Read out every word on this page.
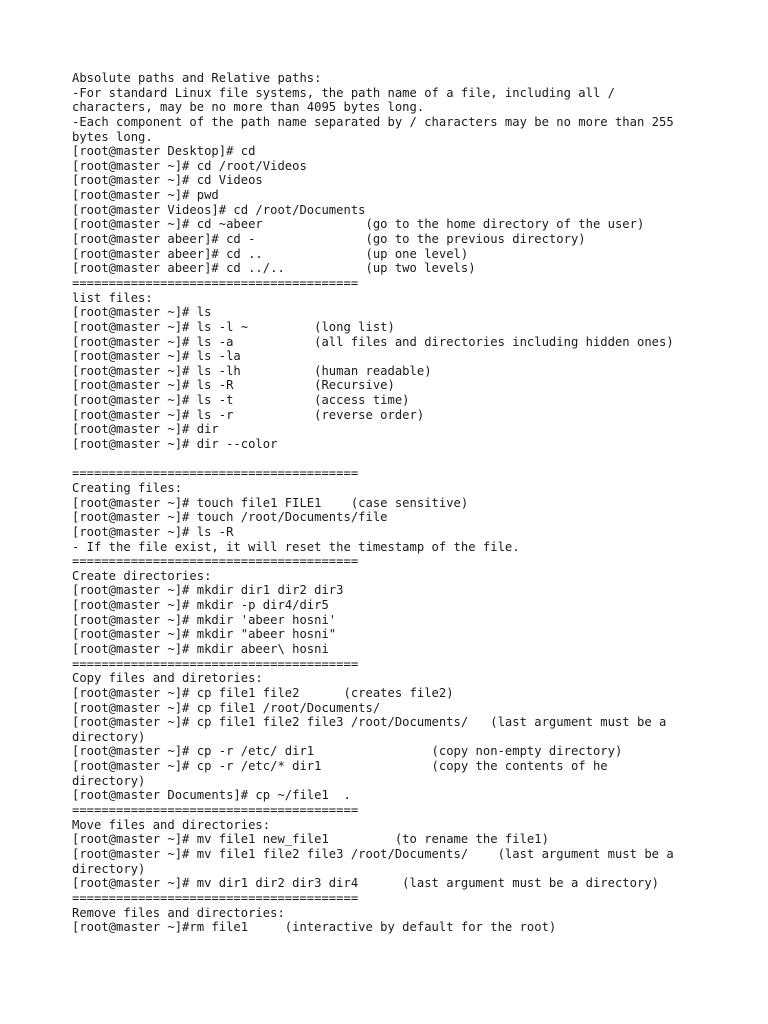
Absolute paths and Relative paths:
-For standard Linux file systems, the path name of a file, including all /
characters, may be no more than 4095 bytes long.
-Each component of the path name separated by / characters may be no more than 255
bytes long.
[root@master Desktop]# cd
[root@master ~]# cd /root/Videos
[root@master ~]# cd Videos
[root@master ~]# pwd
[root@master Videos]# cd /root/Documents
[root@master ~]# cd ~abeer              (go to the home directory of the user)
[root@master abeer]# cd -               (go to the previous directory)
[root@master abeer]# cd ..              (up one level)
[root@master abeer]# cd ../..           (up two levels)
=======================================
list files:
[root@master ~]# ls
[root@master ~]# ls -l ~         (long list)
[root@master ~]# ls -a           (all files and directories including hidden ones)
[root@master ~]# ls -la
[root@master ~]# ls -lh          (human readable)
[root@master ~]# ls -R           (Recursive)
[root@master ~]# ls -t           (access time)
[root@master ~]# ls -r           (reverse order)
[root@master ~]# dir
[root@master ~]# dir --color
=======================================
Creating files:
[root@master ~]# touch file1 FILE1    (case sensitive)
[root@master ~]# touch /root/Documents/file
[root@master ~]# ls -R
- If the file exist, it will reset the timestamp of the file.
=======================================
Create directories:
[root@master ~]# mkdir dir1 dir2 dir3
[root@master ~]# mkdir -p dir4/dir5
[root@master ~]# mkdir 'abeer hosni'
[root@master ~]# mkdir "abeer hosni"
[root@master ~]# mkdir abeer\ hosni
=======================================
Copy files and diretories:
[root@master ~]# cp file1 file2      (creates file2)
[root@master ~]# cp file1 /root/Documents/
[root@master ~]# cp file1 file2 file3 /root/Documents/   (last argument must be a
directory)
[root@master ~]# cp -r /etc/ dir1                (copy non-empty directory)
[root@master ~]# cp -r /etc/* dir1               (copy the contents of he
directory)
[root@master Documents]# cp ~/file1  .
=======================================
Move files and directories:
[root@master ~]# mv file1 new_file1         (to rename the file1)
[root@master ~]# mv file1 file2 file3 /root/Documents/    (last argument must be a
directory)
[root@master ~]# mv dir1 dir2 dir3 dir4      (last argument must be a directory)
=======================================
Remove files and directories:
[root@master ~]#rm file1     (interactive by default for the root)
